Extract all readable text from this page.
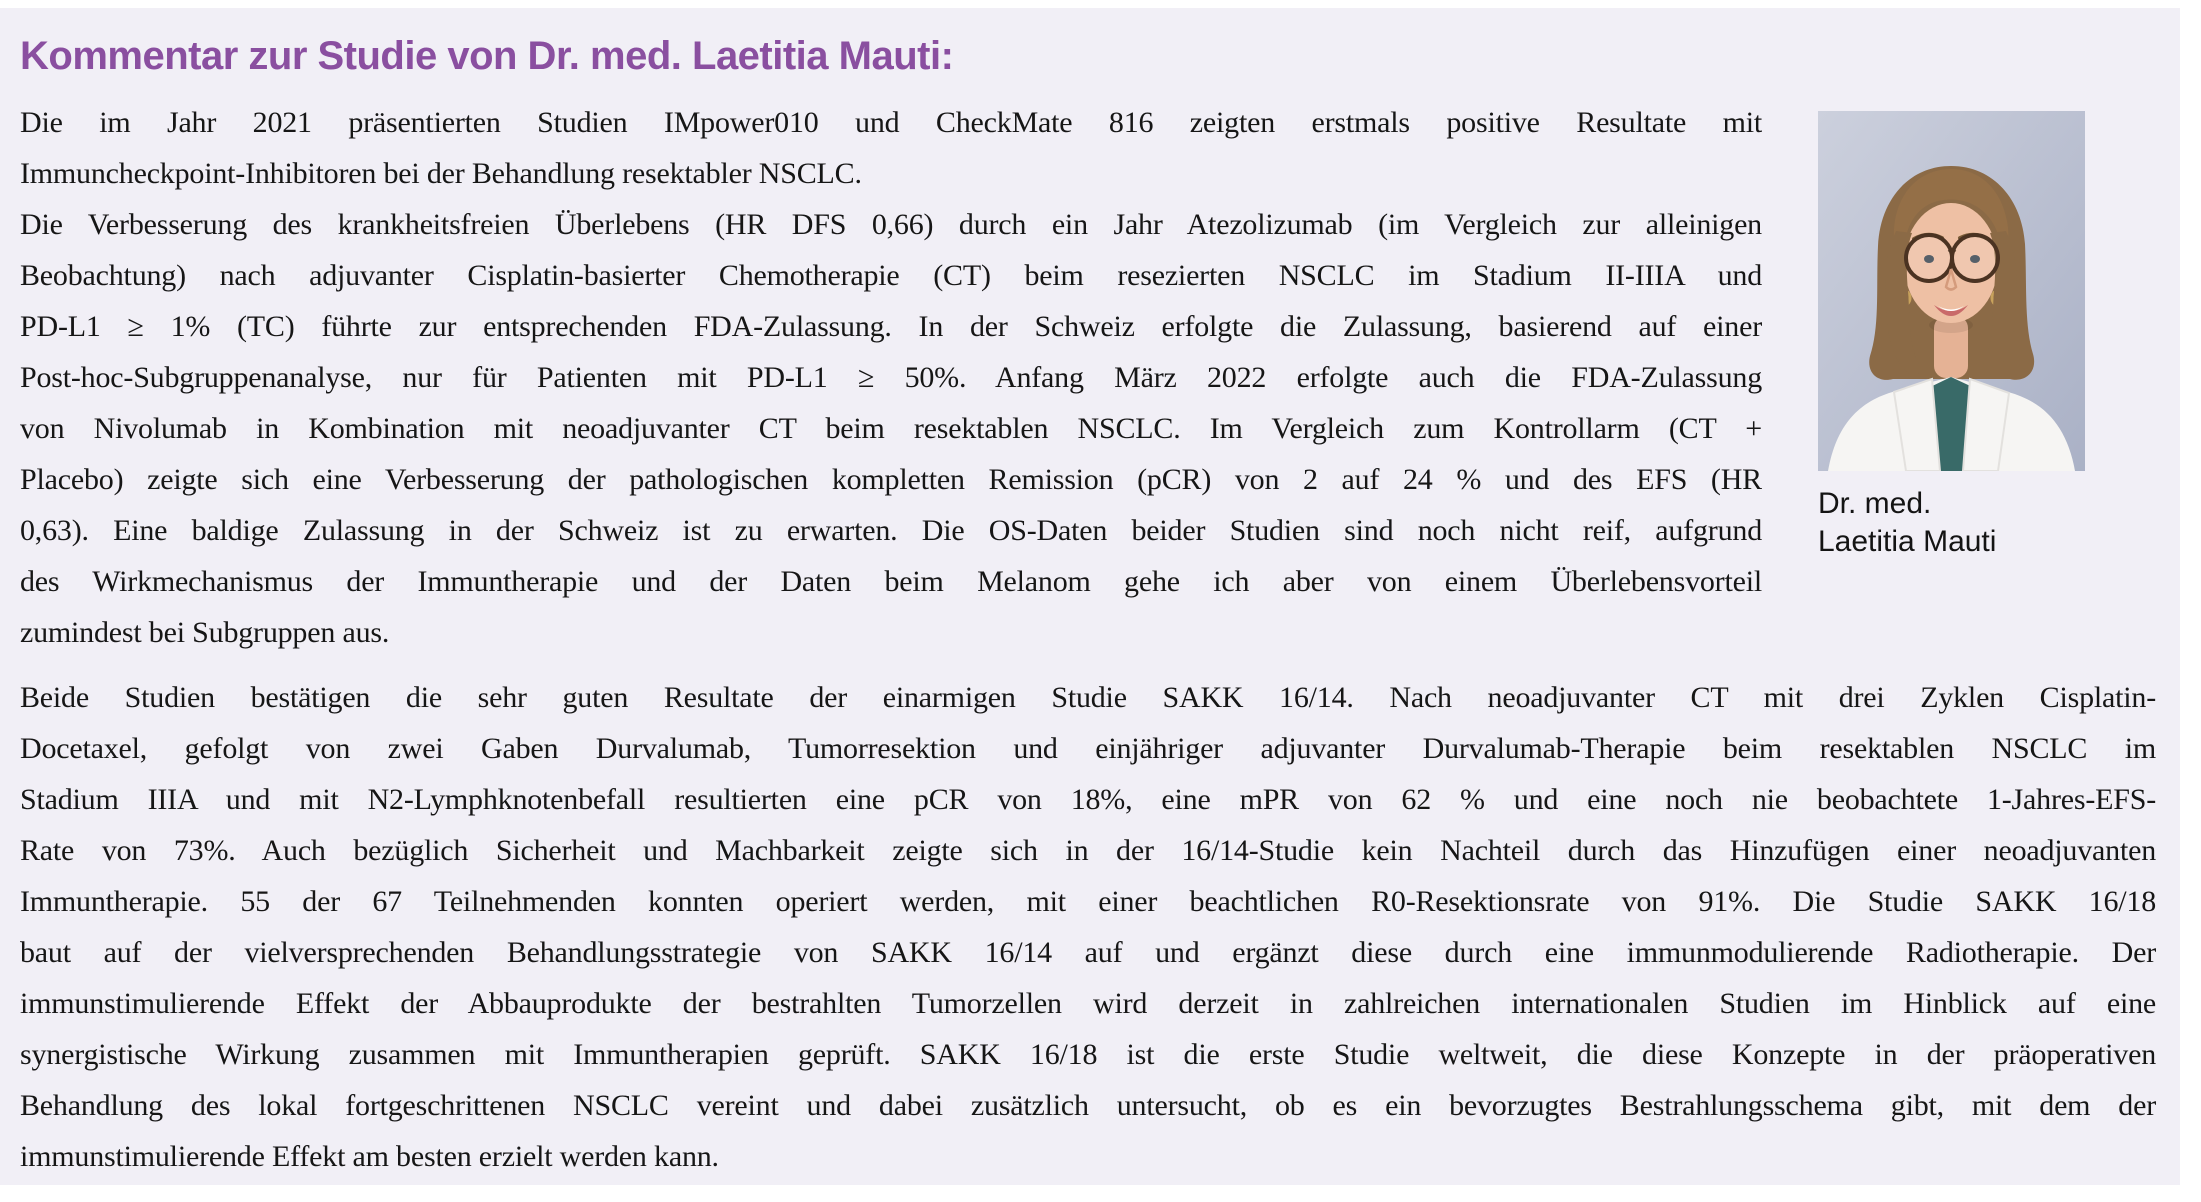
Kommentar zur Studie von Dr. med. Laetitia Mauti:
Die im Jahr 2021 präsentierten Studien IMpower010 und CheckMate 816 zeigten erstmals positive Resultate mit
Immuncheckpoint-Inhibitoren bei der Behandlung resektabler NSCLC.
Die Verbesserung des krankheitsfreien Überlebens (HR DFS 0,66) durch ein Jahr Atezolizumab (im Vergleich zur alleinigen
Beobachtung) nach adjuvanter Cisplatin-basierter Chemotherapie (CT) beim resezierten NSCLC im Stadium II-IIIA und
PD-L1 ≥ 1% (TC) führte zur entsprechenden FDA-Zulassung. In der Schweiz erfolgte die Zulassung, basierend auf einer
Post-hoc-Subgruppenanalyse, nur für Patienten mit PD-L1 ≥ 50%. Anfang März 2022 erfolgte auch die FDA-Zulassung
von Nivolumab in Kombination mit neoadjuvanter CT beim resektablen NSCLC. Im Vergleich zum Kontrollarm (CT +
Placebo) zeigte sich eine Verbesserung der pathologischen kompletten Remission (pCR) von 2 auf 24 % und des EFS (HR
0,63). Eine baldige Zulassung in der Schweiz ist zu erwarten. Die OS-Daten beider Studien sind noch nicht reif, aufgrund
des Wirkmechanismus der Immuntherapie und der Daten beim Melanom gehe ich aber von einem Überlebensvorteil
zumindest bei Subgruppen aus.
Beide Studien bestätigen die sehr guten Resultate der einarmigen Studie SAKK 16/14. Nach neoadjuvanter CT mit drei Zyklen Cisplatin-
Docetaxel, gefolgt von zwei Gaben Durvalumab, Tumorresektion und einjähriger adjuvanter Durvalumab-Therapie beim resektablen NSCLC im
Stadium IIIA und mit N2-Lymphknotenbefall resultierten eine pCR von 18%, eine mPR von 62 % und eine noch nie beobachtete 1-Jahres-EFS-
Rate von 73%. Auch bezüglich Sicherheit und Machbarkeit zeigte sich in der 16/14-Studie kein Nachteil durch das Hinzufügen einer neoadjuvanten
Immuntherapie. 55 der 67 Teilnehmenden konnten operiert werden, mit einer beachtlichen R0-Resektionsrate von 91%. Die Studie SAKK 16/18
baut auf der vielversprechenden Behandlungsstrategie von SAKK 16/14 auf und ergänzt diese durch eine immunmodulierende Radiotherapie. Der
immunstimulierende Effekt der Abbauprodukte der bestrahlten Tumorzellen wird derzeit in zahlreichen internationalen Studien im Hinblick auf eine
synergistische Wirkung zusammen mit Immuntherapien geprüft. SAKK 16/18 ist die erste Studie weltweit, die diese Konzepte in der präoperativen
Behandlung des lokal fortgeschrittenen NSCLC vereint und dabei zusätzlich untersucht, ob es ein bevorzugtes Bestrahlungsschema gibt, mit dem der
immunstimulierende Effekt am besten erzielt werden kann.
Dr. med.
Laetitia Mauti
